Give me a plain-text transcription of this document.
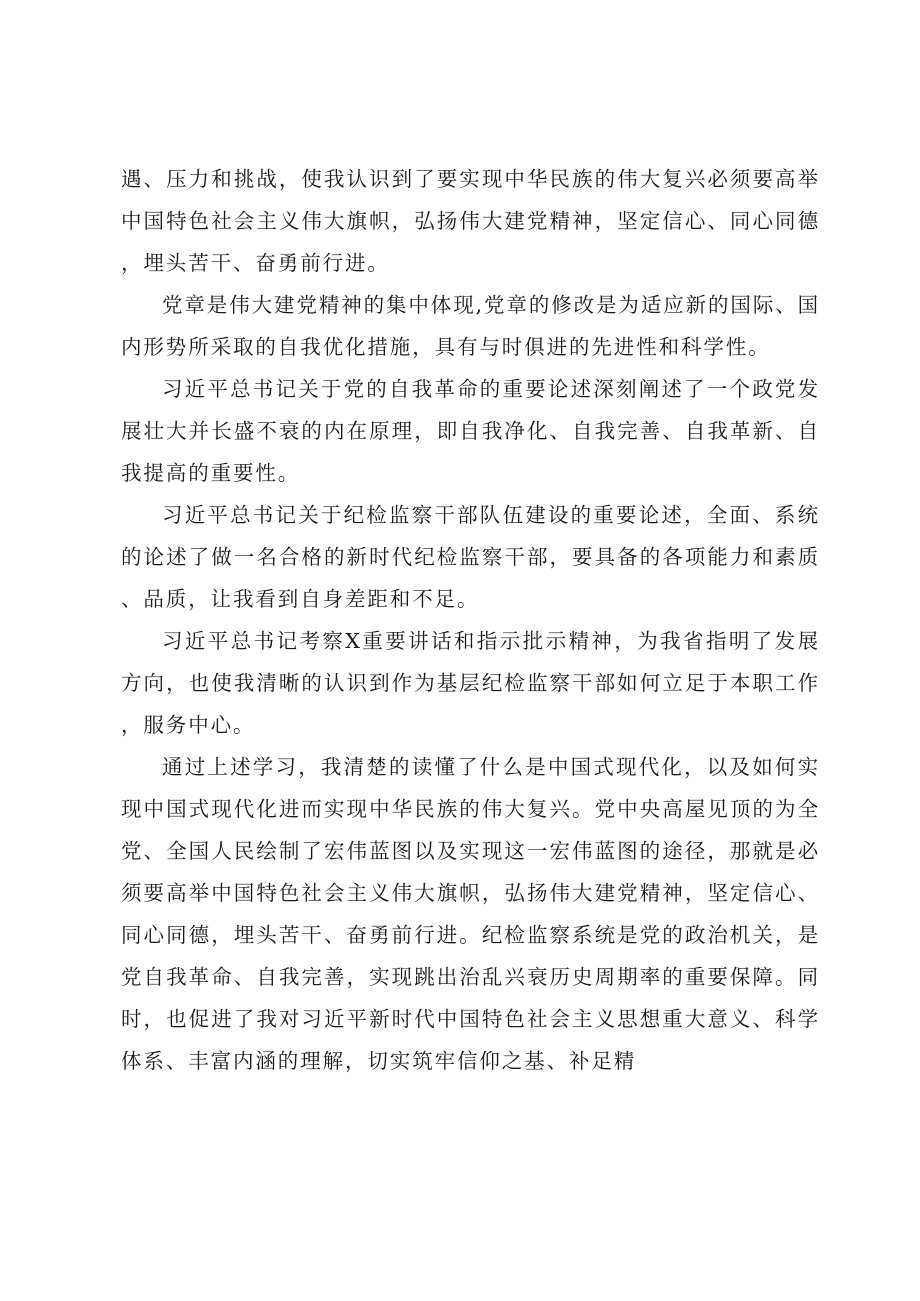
遇、压力和挑战，使我认识到了要实现中华民族的伟大复兴必须要高举中国特色社会主义伟大旗帜，弘扬伟大建党精神，坚定信心、同心同德，埋头苦干、奋勇前行进。

党章是伟大建党精神的集中体现,党章的修改是为适应新的国际、国内形势所采取的自我优化措施，具有与时俱进的先进性和科学性。

习近平总书记关于党的自我革命的重要论述深刻阐述了一个政党发展壮大并长盛不衰的内在原理，即自我净化、自我完善、自我革新、自我提高的重要性。

习近平总书记关于纪检监察干部队伍建设的重要论述，全面、系统的论述了做一名合格的新时代纪检监察干部，要具备的各项能力和素质、品质，让我看到自身差距和不足。

习近平总书记考察X重要讲话和指示批示精神，为我省指明了发展方向，也使我清晰的认识到作为基层纪检监察干部如何立足于本职工作，服务中心。

通过上述学习，我清楚的读懂了什么是中国式现代化，以及如何实现中国式现代化进而实现中华民族的伟大复兴。党中央高屋见顶的为全党、全国人民绘制了宏伟蓝图以及实现这一宏伟蓝图的途径，那就是必须要高举中国特色社会主义伟大旗帜，弘扬伟大建党精神，坚定信心、同心同德，埋头苦干、奋勇前行进。纪检监察系统是党的政治机关，是党自我革命、自我完善，实现跳出治乱兴衰历史周期率的重要保障。同时，也促进了我对习近平新时代中国特色社会主义思想重大意义、科学体系、丰富内涵的理解，切实筑牢信仰之基、补足精
